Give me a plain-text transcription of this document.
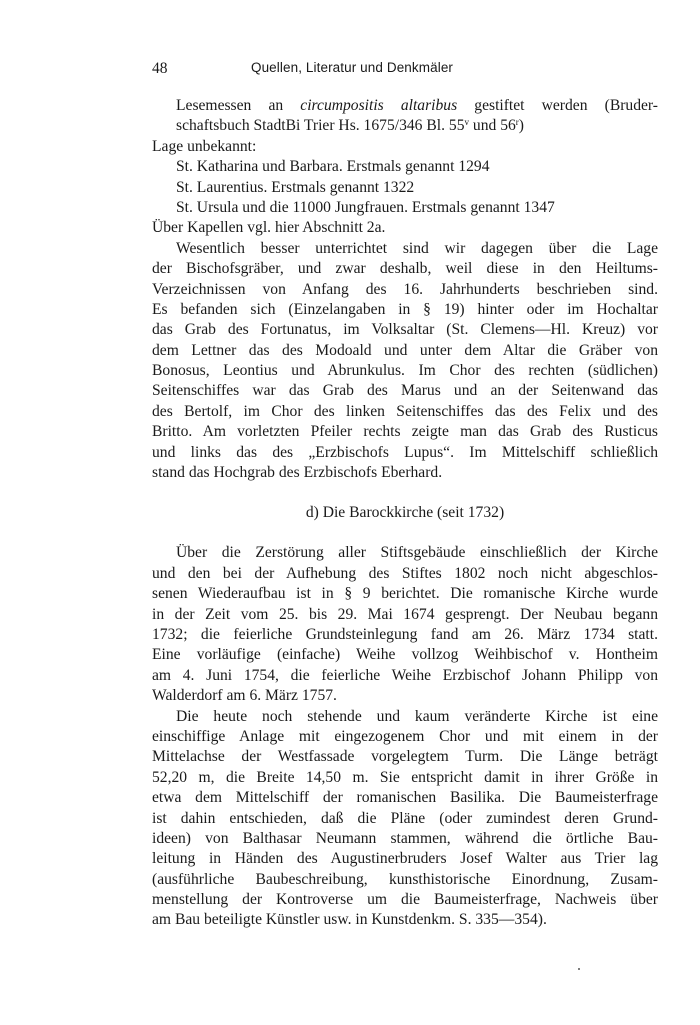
48	Quellen, Literatur und Denkmäler
Lesemessen an circumpositis altaribus gestiftet werden (Bruder-
schaftsbuch StadtBi Trier Hs. 1675/346 Bl. 55$^v$ und 56$^r$)
Lage unbekannt:
St. Katharina und Barbara. Erstmals genannt 1294
St. Laurentius. Erstmals genannt 1322
St. Ursula und die 11000 Jungfrauen. Erstmals genannt 1347
Über Kapellen vgl. hier Abschnitt 2a.
Wesentlich besser unterrichtet sind wir dagegen über die Lage
der Bischofsgräber, und zwar deshalb, weil diese in den Heiltums-
Verzeichnissen von Anfang des 16. Jahrhunderts beschrieben sind.
Es befanden sich (Einzelangaben in § 19) hinter oder im Hochaltar
das Grab des Fortunatus, im Volksaltar (St. Clemens—Hl. Kreuz) vor
dem Lettner das des Modoald und unter dem Altar die Gräber von
Bonosus, Leontius und Abrunkulus. Im Chor des rechten (südlichen)
Seitenschiffes war das Grab des Marus und an der Seitenwand das
des Bertolf, im Chor des linken Seitenschiffes das des Felix und des
Britto. Am vorletzten Pfeiler rechts zeigte man das Grab des Rusticus
und links das des „Erzbischofs Lupus“. Im Mittelschiff schließlich
stand das Hochgrab des Erzbischofs Eberhard.
d) Die Barockkirche (seit 1732)
Über die Zerstörung aller Stiftsgebäude einschließlich der Kirche
und den bei der Aufhebung des Stiftes 1802 noch nicht abgeschlos-
senen Wiederaufbau ist in § 9 berichtet. Die romanische Kirche wurde
in der Zeit vom 25. bis 29. Mai 1674 gesprengt. Der Neubau begann
1732; die feierliche Grundsteinlegung fand am 26. März 1734 statt.
Eine vorläufige (einfache) Weihe vollzog Weihbischof v. Hontheim
am 4. Juni 1754, die feierliche Weihe Erzbischof Johann Philipp von
Walderdorf am 6. März 1757.
Die heute noch stehende und kaum veränderte Kirche ist eine
einschiffige Anlage mit eingezogenem Chor und mit einem in der
Mittelachse der Westfassade vorgelegtem Turm. Die Länge beträgt
52,20 m, die Breite 14,50 m. Sie entspricht damit in ihrer Größe in
etwa dem Mittelschiff der romanischen Basilika. Die Baumeisterfrage
ist dahin entschieden, daß die Pläne (oder zumindest deren Grund-
ideen) von Balthasar Neumann stammen, während die örtliche Bau-
leitung in Händen des Augustinerbruders Josef Walter aus Trier lag
(ausführliche Baubeschreibung, kunsthistorische Einordnung, Zusam-
menstellung der Kontroverse um die Baumeisterfrage, Nachweis über
am Bau beteiligte Künstler usw. in Kunstdenkm. S. 335—354).
